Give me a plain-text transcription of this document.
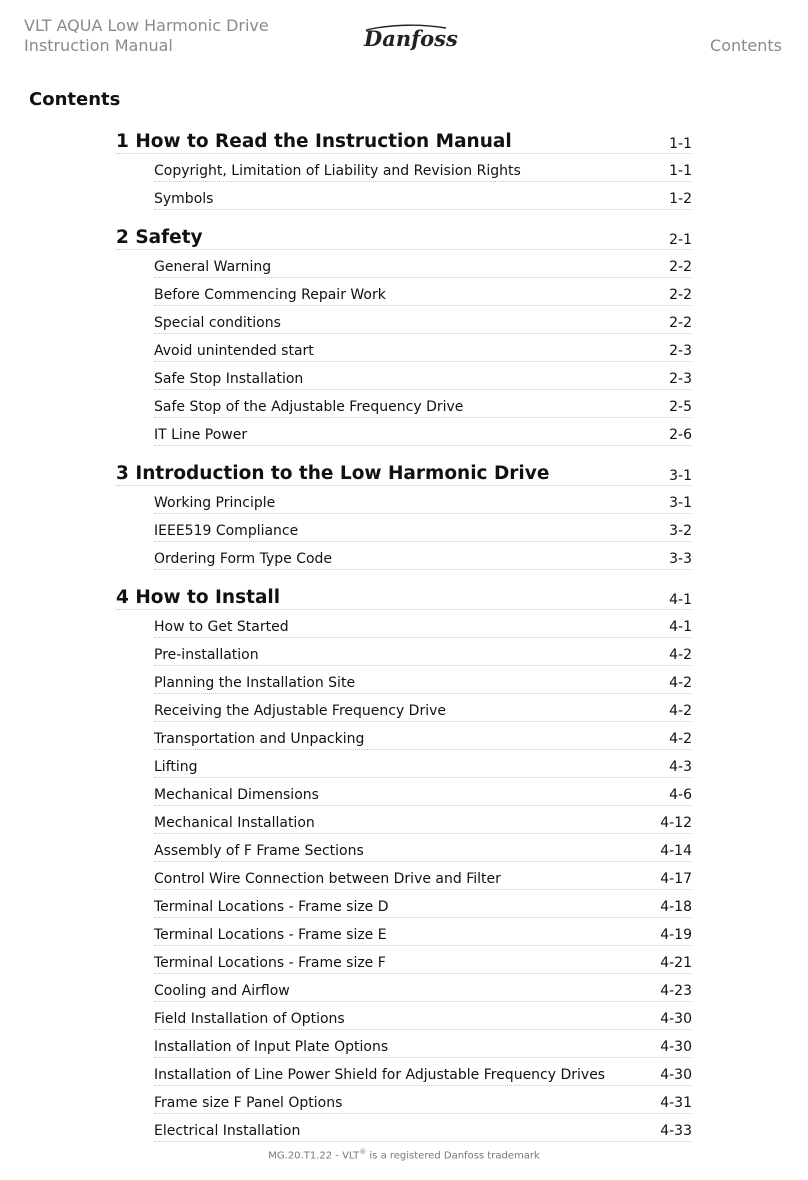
VLT AQUA Low Harmonic Drive Instruction Manual	Danfoss	Contents
Contents
1 How to Read the Instruction Manual	1-1
Copyright, Limitation of Liability and Revision Rights	1-1
Symbols	1-2
2 Safety	2-1
General Warning	2-2
Before Commencing Repair Work	2-2
Special conditions	2-2
Avoid unintended start	2-3
Safe Stop Installation	2-3
Safe Stop of the Adjustable Frequency Drive	2-5
IT Line Power	2-6
3 Introduction to the Low Harmonic Drive	3-1
Working Principle	3-1
IEEE519 Compliance	3-2
Ordering Form Type Code	3-3
4 How to Install	4-1
How to Get Started	4-1
Pre-installation	4-2
Planning the Installation Site	4-2
Receiving the Adjustable Frequency Drive	4-2
Transportation and Unpacking	4-2
Lifting	4-3
Mechanical Dimensions	4-6
Mechanical Installation	4-12
Assembly of F Frame Sections	4-14
Control Wire Connection between Drive and Filter	4-17
Terminal Locations - Frame size D	4-18
Terminal Locations - Frame size E	4-19
Terminal Locations - Frame size F	4-21
Cooling and Airflow	4-23
Field Installation of Options	4-30
Installation of Input Plate Options	4-30
Installation of Line Power Shield for Adjustable Frequency Drives	4-30
Frame size F Panel Options	4-31
Electrical Installation	4-33
MG.20.T1.22 - VLT® is a registered Danfoss trademark
